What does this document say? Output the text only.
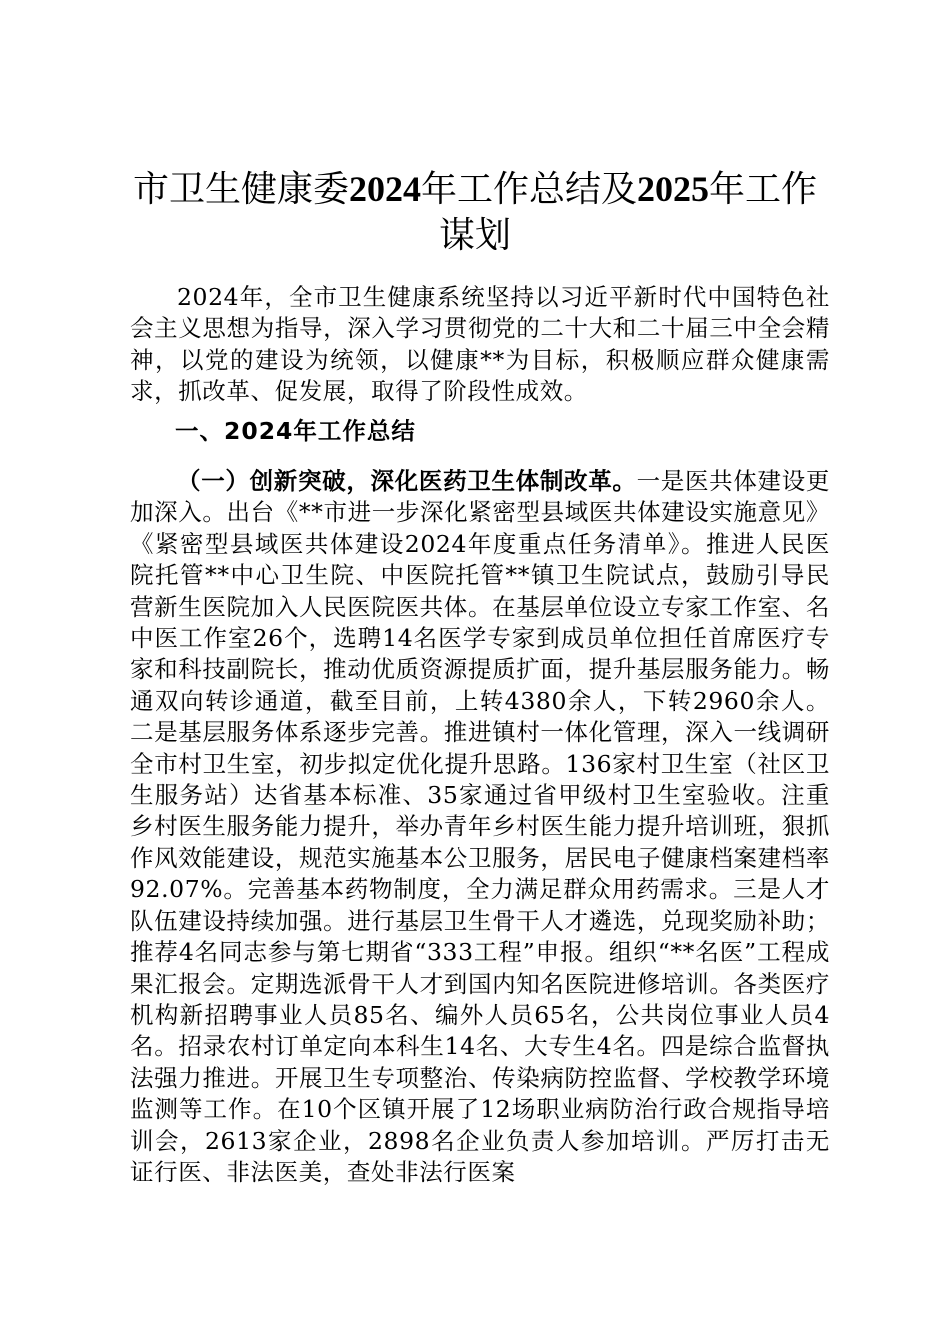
市卫生健康委2024年工作总结及2025年工作谋划
2024年，全市卫生健康系统坚持以习近平新时代中国特色社会主义思想为指导，深入学习贯彻党的二十大和二十届三中全会精神，以党的建设为统领，以健康**为目标，积极顺应群众健康需求，抓改革、促发展，取得了阶段性成效。
一、2024年工作总结
（一）创新突破，深化医药卫生体制改革。一是医共体建设更加深入。出台《**市进一步深化紧密型县域医共体建设实施意见》《紧密型县域医共体建设2024年度重点任务清单》。推进人民医院托管**中心卫生院、中医院托管**镇卫生院试点，鼓励引导民营新生医院加入人民医院医共体。在基层单位设立专家工作室、名中医工作室26个，选聘14名医学专家到成员单位担任首席医疗专家和科技副院长，推动优质资源提质扩面，提升基层服务能力。畅通双向转诊通道，截至目前，上转4380余人，下转2960余人。二是基层服务体系逐步完善。推进镇村一体化管理，深入一线调研全市村卫生室，初步拟定优化提升思路。136家村卫生室（社区卫生服务站）达省基本标准、35家通过省甲级村卫生室验收。注重乡村医生服务能力提升，举办青年乡村医生能力提升培训班，狠抓作风效能建设，规范实施基本公卫服务，居民电子健康档案建档率92.07%。完善基本药物制度，全力满足群众用药需求。三是人才队伍建设持续加强。进行基层卫生骨干人才遴选，兑现奖励补助；推荐4名同志参与第七期省“333工程”申报。组织“**名医”工程成果汇报会。定期选派骨干人才到国内知名医院进修培训。各类医疗机构新招聘事业人员85名、编外人员65名，公共岗位事业人员4名。招录农村订单定向本科生14名、大专生4名。四是综合监督执法强力推进。开展卫生专项整治、传染病防控监督、学校教学环境监测等工作。在10个区镇开展了12场职业病防治行政合规指导培训会，2613家企业，2898名企业负责人参加培训。严厉打击无证行医、非法医美，查处非法行医案
